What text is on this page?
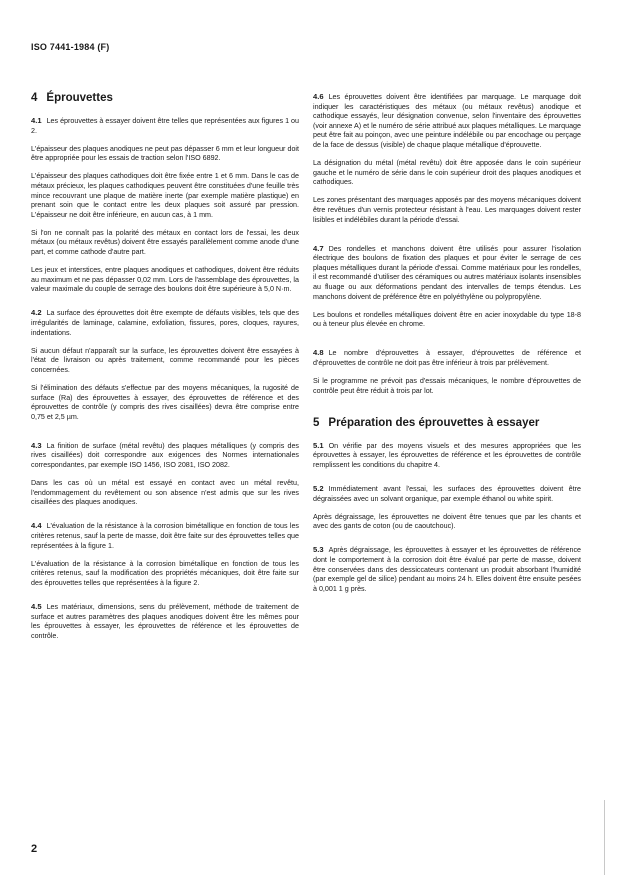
ISO 7441-1984 (F)
4 Éprouvettes

4.1 Les éprouvettes à essayer doivent être telles que représentées aux figures 1 ou 2.

L'épaisseur des plaques anodiques ne peut pas dépasser 6 mm et leur longueur doit être appropriée pour les essais de traction selon l'ISO 6892.

L'épaisseur des plaques cathodiques doit être fixée entre 1 et 6 mm. Dans le cas de métaux précieux, les plaques cathodiques peuvent être constituées d'une feuille très mince recouvrant une plaque de matière inerte (par exemple matière plastique) en prenant soin que le contact entre les deux plaques soit assuré par pression. L'épaisseur ne doit être inférieure, en aucun cas, à 1 mm.

Si l'on ne connaît pas la polarité des métaux en contact lors de l'essai, les deux métaux (ou métaux revêtus) doivent être essayés parallèlement comme anode d'une part, et comme cathode d'autre part.

Les jeux et interstices, entre plaques anodiques et cathodiques, doivent être réduits au maximum et ne pas dépasser 0,02 mm. Lors de l'assemblage des éprouvettes, la valeur maximale du couple de serrage des boulons doit être supérieure à 5,0 N·m.

4.2 La surface des éprouvettes doit être exempte de défauts visibles, tels que des irrégularités de laminage, calamine, exfoliation, fissures, pores, cloques, rayures, indentations.

Si aucun défaut n'apparaît sur la surface, les éprouvettes doivent être essayées à l'état de livraison ou après traitement, comme recommandé pour les pièces concernées.

Si l'élimination des défauts s'effectue par des moyens mécaniques, la rugosité de surface (Ra) des éprouvettes à essayer, des éprouvettes de référence et des éprouvettes de contrôle (y compris des rives cisaillées) devra être comprise entre 0,75 et 2,5 µm.

4.3 La finition de surface (métal revêtu) des plaques métalliques (y compris des rives cisaillées) doit correspondre aux exigences des Normes internationales correspondantes, par exemple ISO 1456, ISO 2081, ISO 2082.

Dans les cas où un métal est essayé en contact avec un métal revêtu, l'endommagement du revêtement ou son absence n'est admis que sur les rives cisaillées des plaques anodiques.

4.4 L'évaluation de la résistance à la corrosion bimétallique en fonction de tous les critères retenus, sauf la perte de masse, doit être faite sur des éprouvettes telles que représentées à la figure 1.

L'évaluation de la résistance à la corrosion bimétallique en fonction de tous les critères retenus, sauf la modification des propriétés mécaniques, doit être faite sur des éprouvettes telles que représentées à la figure 2.

4.5 Les matériaux, dimensions, sens du prélèvement, méthode de traitement de surface et autres paramètres des plaques anodiques doivent être les mêmes pour les éprouvettes à essayer, les éprouvettes de référence et les éprouvettes de contrôle.

4.6 Les éprouvettes doivent être identifiées par marquage. Le marquage doit indiquer les caractéristiques des métaux (ou métaux revêtus) anodique et cathodique essayés, leur désignation convenue, selon l'inventaire des éprouvettes (voir annexe A) et le numéro de série attribué aux plaques métalliques. Le marquage peut être fait au poinçon, avec une peinture indélébile ou par encochage ou perçage de la face de dessus (visible) de chaque plaque métallique d'éprouvette.

La désignation du métal (métal revêtu) doit être apposée dans le coin supérieur gauche et le numéro de série dans le coin supérieur droit des plaques anodiques et cathodiques.

Les zones présentant des marquages apposés par des moyens mécaniques doivent être revêtues d'un vernis protecteur résistant à l'eau. Les marquages doivent rester lisibles et indélébiles durant la période d'essai.

4.7 Des rondelles et manchons doivent être utilisés pour assurer l'isolation électrique des boulons de fixation des plaques et pour éviter le serrage de ces plaques métalliques durant la période d'essai. Comme matériaux pour les rondelles, il est recommandé d'utiliser des céramiques ou autres matériaux isolants insensibles au fluage ou aux déformations pendant des intervalles de temps étendus. Les manchons doivent de préférence être en polyéthylène ou polypropylène.

Les boulons et rondelles métalliques doivent être en acier inoxydable du type 18-8 ou à teneur plus élevée en chrome.

4.8 Le nombre d'éprouvettes à essayer, d'éprouvettes de référence et d'éprouvettes de contrôle ne doit pas être inférieur à trois par prélèvement.

Si le programme ne prévoit pas d'essais mécaniques, le nombre d'éprouvettes de contrôle peut être réduit à trois par lot.

5 Préparation des éprouvettes à essayer

5.1 On vérifie par des moyens visuels et des mesures appropriées que les éprouvettes à essayer, les éprouvettes de référence et les éprouvettes de contrôle remplissent les conditions du chapitre 4.

5.2 Immédiatement avant l'essai, les surfaces des éprouvettes doivent être dégraissées avec un solvant organique, par exemple éthanol ou white spirit.

Après dégraissage, les éprouvettes ne doivent être tenues que par les chants et avec des gants de coton (ou de caoutchouc).

5.3 Après dégraissage, les éprouvettes à essayer et les éprouvettes de référence dont le comportement à la corrosion doit être évalué par perte de masse, doivent être conservées dans des dessiccateurs contenant un produit absorbant l'humidité (par exemple gel de silice) pendant au moins 24 h. Elles doivent être ensuite pesées à 0,001 1 g près.

2
